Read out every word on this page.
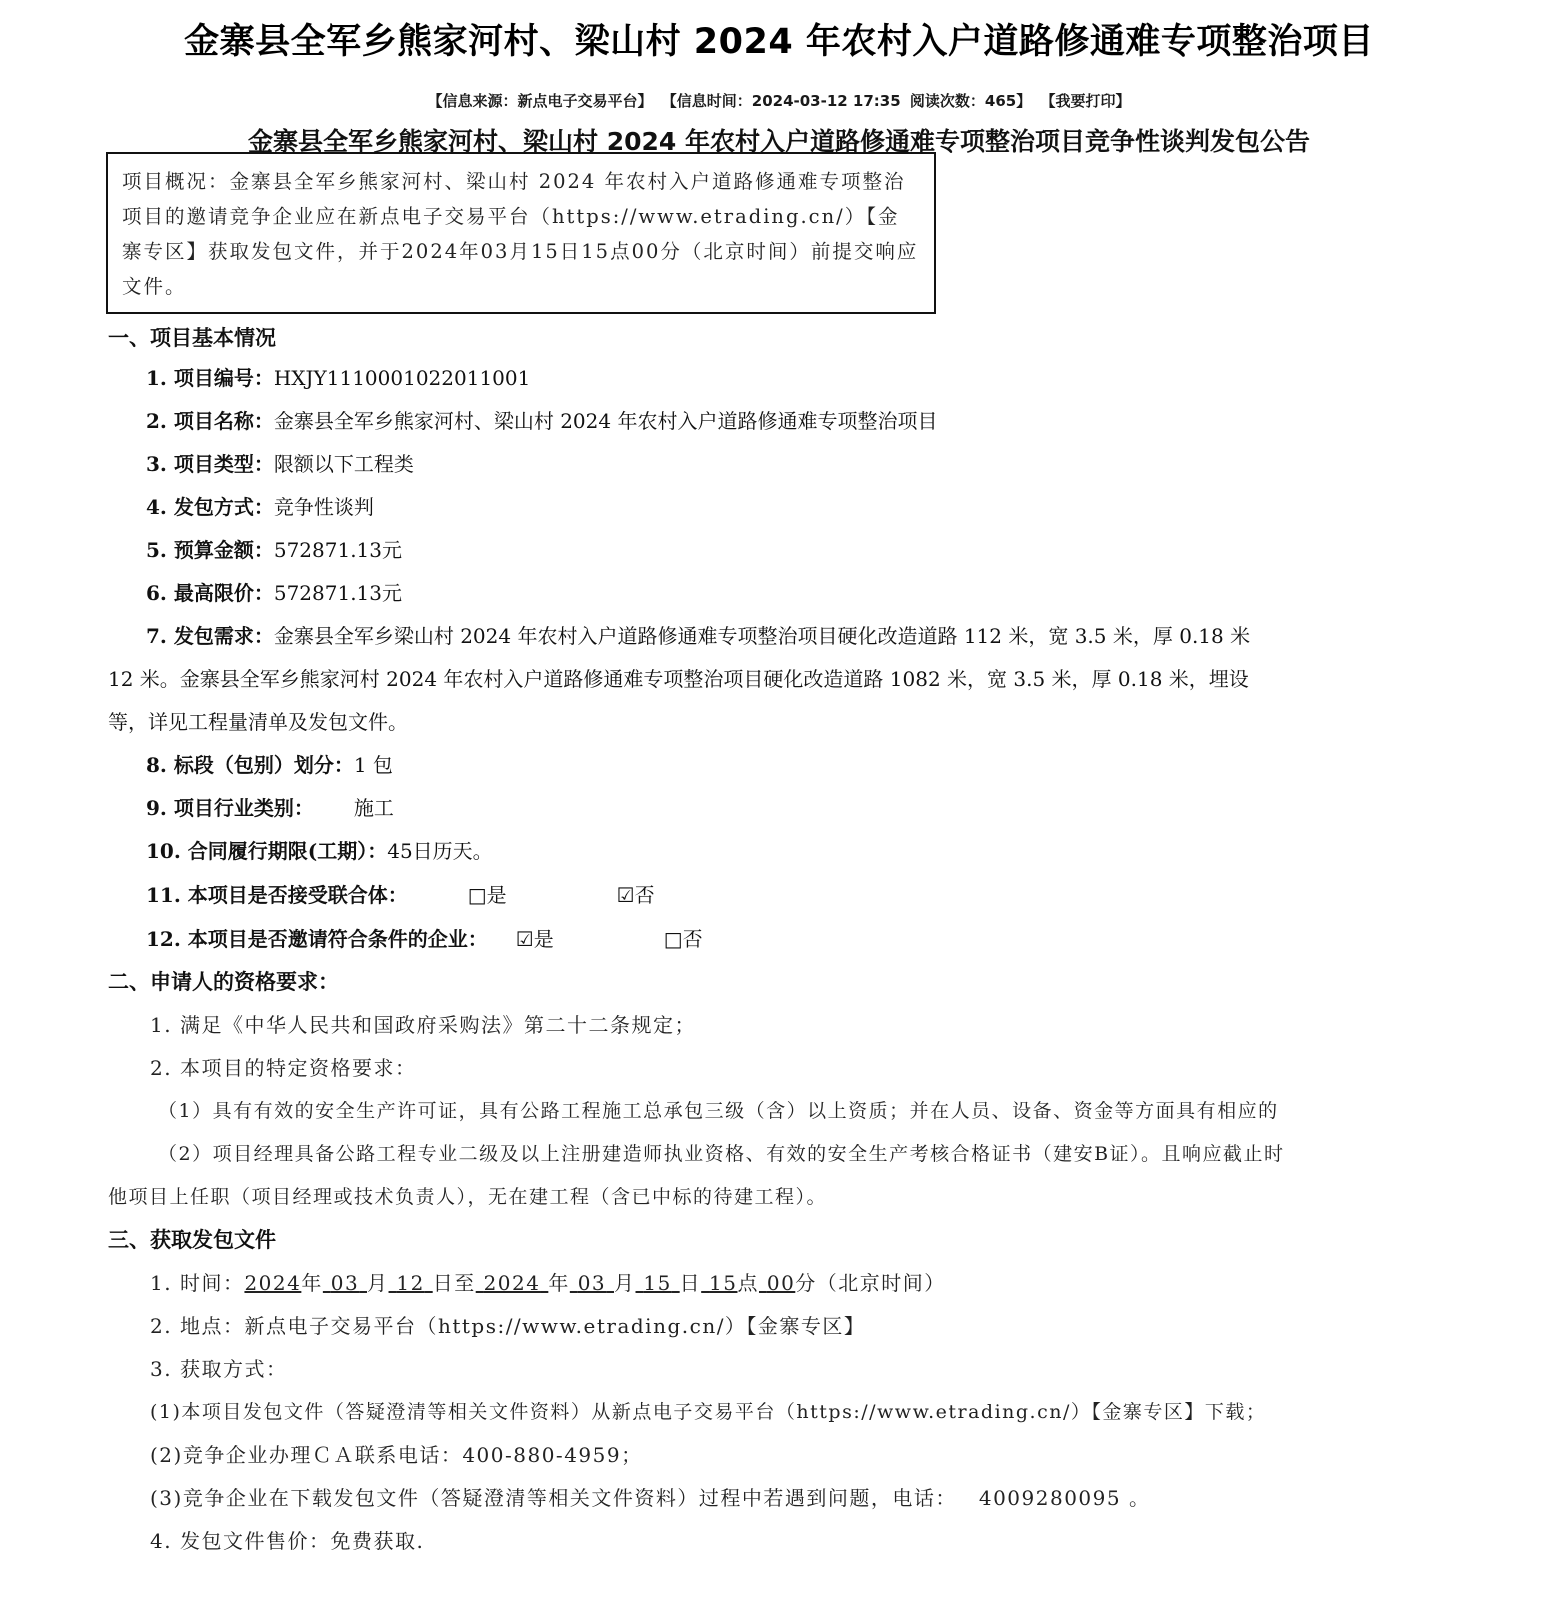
金寨县全军乡熊家河村、梁山村 2024 年农村入户道路修通难专项整治项目
【信息来源：新点电子交易平台】 【信息时间：2024-03-12 17:35 阅读次数：465】 【我要打印】
金寨县全军乡熊家河村、梁山村 2024 年农村入户道路修通难专项整治项目竞争性谈判发包公告
项目概况：金寨县全军乡熊家河村、梁山村 2024 年农村入户道路修通难专项整治项目的邀请竞争企业应在新点电子交易平台（https://www.etrading.cn/）【金寨专区】获取发包文件，并于2024年03月15日15点00分（北京时间）前提交响应文件。
一、项目基本情况
1. 项目编号：HXJY1110001022011001
2. 项目名称：金寨县全军乡熊家河村、梁山村 2024 年农村入户道路修通难专项整治项目
3. 项目类型：限额以下工程类
4. 发包方式：竞争性谈判
5. 预算金额：572871.13元
6. 最高限价：572871.13元
7. 发包需求：金寨县全军乡梁山村 2024 年农村入户道路修通难专项整治项目硬化改造道路 112 米，宽 3.5 米，厚 0.18 米
12 米。金寨县全军乡熊家河村 2024 年农村入户道路修通难专项整治项目硬化改造道路 1082 米，宽 3.5 米，厚 0.18 米，埋设
等，详见工程量清单及发包文件。
8. 标段（包别）划分：1 包
9. 项目行业类别： 施工
10. 合同履行期限(工期）：45日历天。
11. 本项目是否接受联合体：	□是	☑否
12. 本项目是否邀请符合条件的企业： ☑是	□否
二、申请人的资格要求：
1. 满足《中华人民共和国政府采购法》第二十二条规定；
2. 本项目的特定资格要求：
（1）具有有效的安全生产许可证，具有公路工程施工总承包三级（含）以上资质；并在人员、设备、资金等方面具有相应的
（2）项目经理具备公路工程专业二级及以上注册建造师执业资格、有效的安全生产考核合格证书（建安B证）。且响应截止时
他项目上任职（项目经理或技术负责人），无在建工程（含已中标的待建工程）。
三、获取发包文件
1. 时间：2024年 03 月 12 日至 2024 年 03 月 15 日 15点 00分（北京时间）
2. 地点：新点电子交易平台（https://www.etrading.cn/）【金寨专区】
3. 获取方式：
(1)本项目发包文件（答疑澄清等相关文件资料）从新点电子交易平台（https://www.etrading.cn/）【金寨专区】下载；
(2)竞争企业办理ＣＡ联系电话：400-880-4959；
(3)竞争企业在下载发包文件（答疑澄清等相关文件资料）过程中若遇到问题，电话： 4009280095 。
4. 发包文件售价：免费获取.
